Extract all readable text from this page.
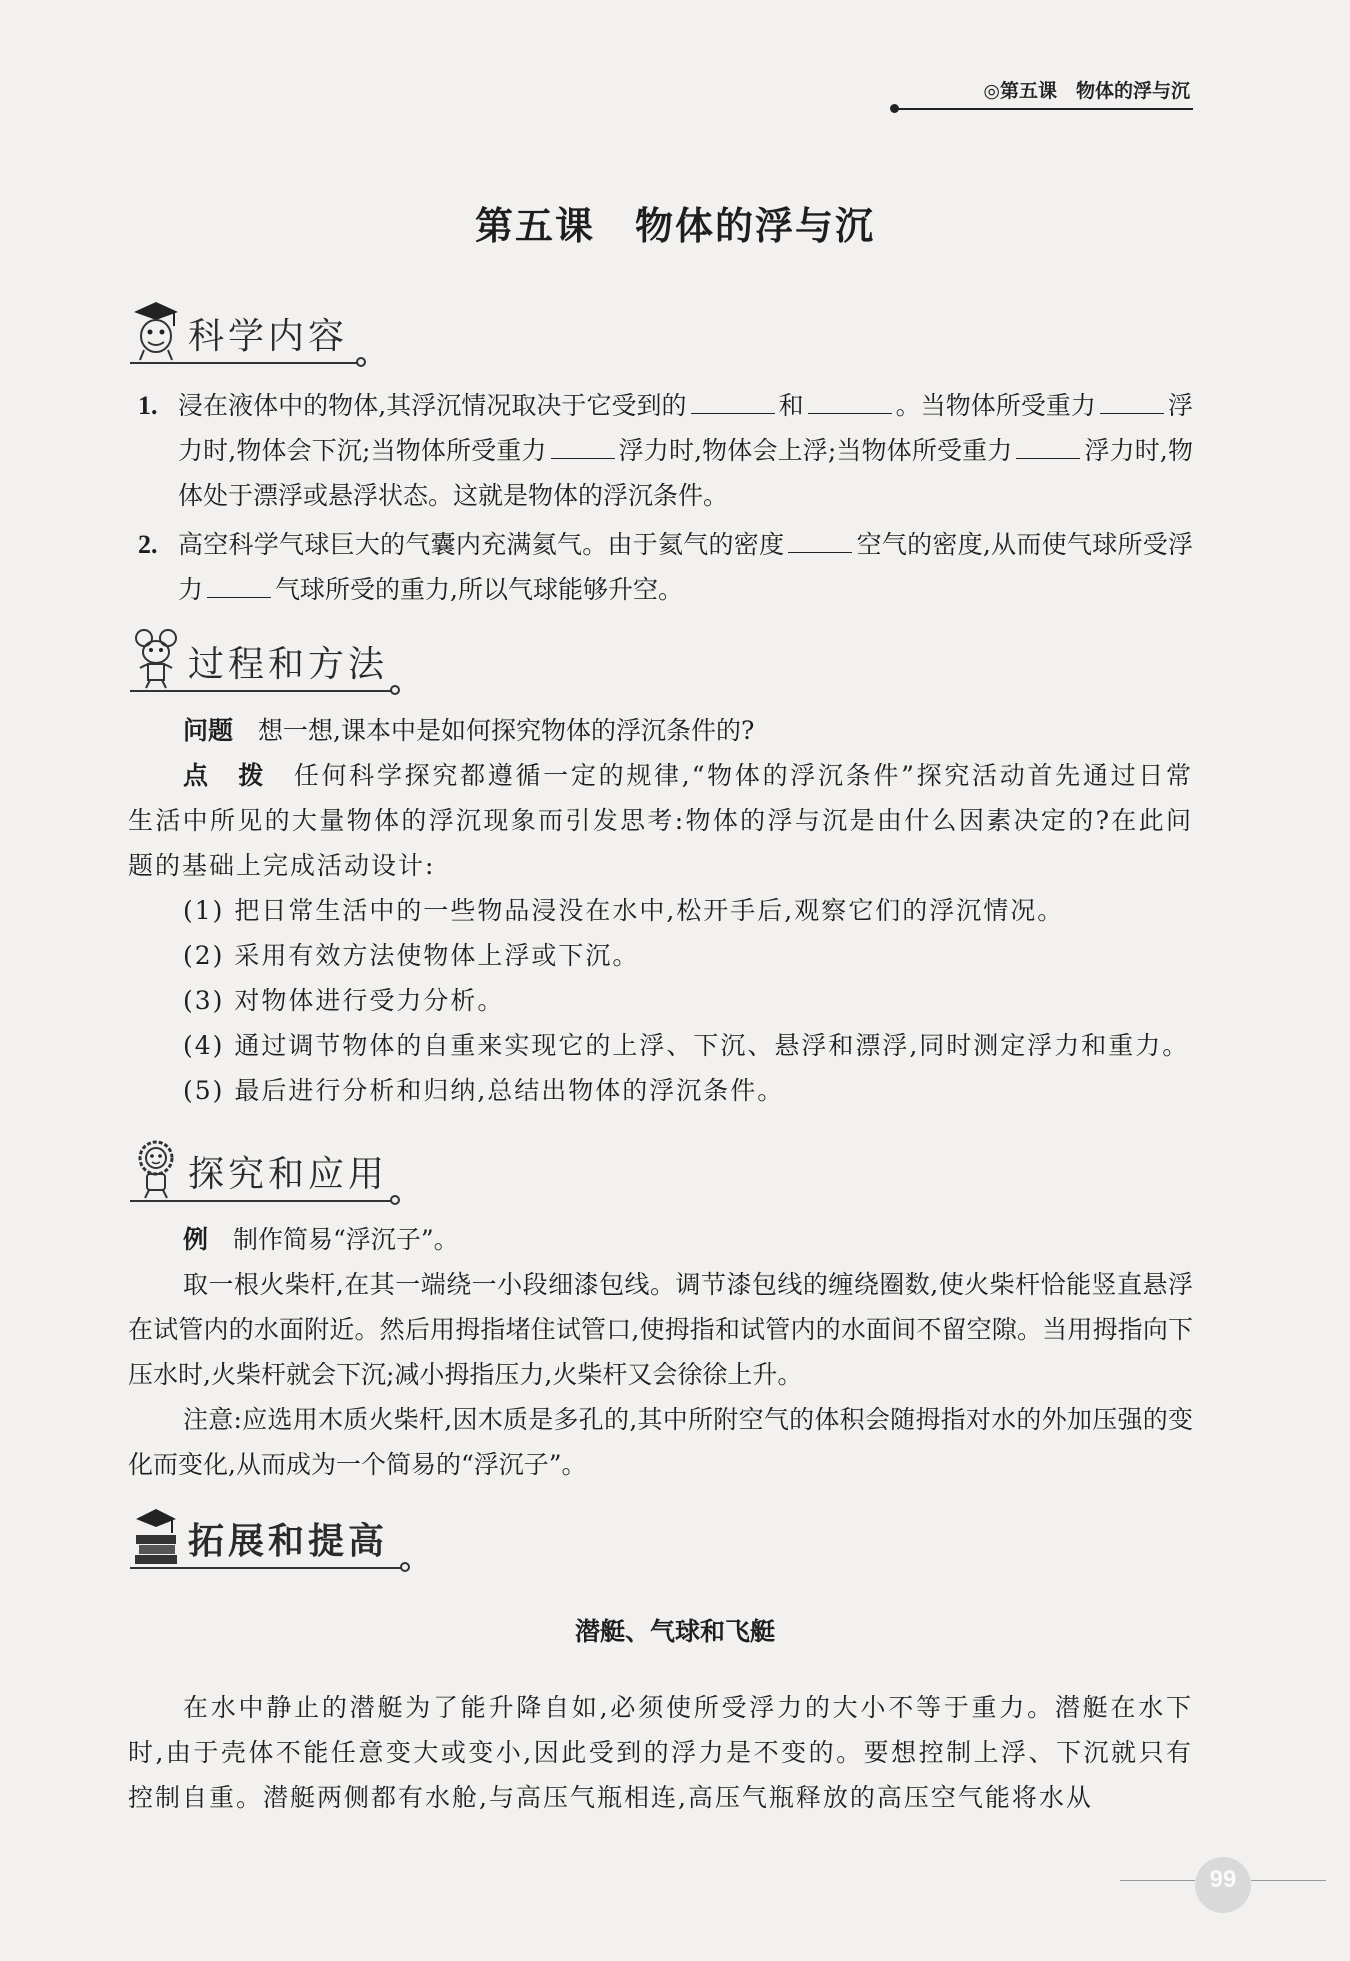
◎第五课　物体的浮与沉
第五课　物体的浮与沉
科学内容
1. 浸在液体中的物体,其浮沉情况取决于它受到的	和	。当物体所受重力	浮力时,物体会下沉;当物体所受重力	浮力时,物体会上浮;当物体所受重力	浮力时,物体处于漂浮或悬浮状态。这就是物体的浮沉条件。
2. 高空科学气球巨大的气囊内充满氦气。由于氦气的密度	空气的密度,从而使气球所受浮力	气球所受的重力,所以气球能够升空。
过程和方法
问题　 想一想,课本中是如何探究物体的浮沉条件的?
点　拨　 任何科学探究都遵循一定的规律,“物体的浮沉条件”探究活动首先通过日常生活中所见的大量物体的浮沉现象而引发思考:物体的浮与沉是由什么因素决定的?在此问题的基础上完成活动设计:
(1) 把日常生活中的一些物品浸没在水中,松开手后,观察它们的浮沉情况。
(2) 采用有效方法使物体上浮或下沉。
(3) 对物体进行受力分析。
(4) 通过调节物体的自重来实现它的上浮、下沉、悬浮和漂浮,同时测定浮力和重力。
(5) 最后进行分析和归纳,总结出物体的浮沉条件。
探究和应用
例　 制作简易“浮沉子”。
取一根火柴杆,在其一端绕一小段细漆包线。调节漆包线的缠绕圈数,使火柴杆恰能竖直悬浮在试管内的水面附近。然后用拇指堵住试管口,使拇指和试管内的水面间不留空隙。当用拇指向下压水时,火柴杆就会下沉;减小拇指压力,火柴杆又会徐徐上升。
注意:应选用木质火柴杆,因木质是多孔的,其中所附空气的体积会随拇指对水的外加压强的变化而变化,从而成为一个简易的“浮沉子”。
拓展和提高
潜艇、气球和飞艇
在水中静止的潜艇为了能升降自如,必须使所受浮力的大小不等于重力。潜艇在水下时,由于壳体不能任意变大或变小,因此受到的浮力是不变的。要想控制上浮、下沉就只有控制自重。潜艇两侧都有水舱,与高压气瓶相连,高压气瓶释放的高压空气能将水从
99
